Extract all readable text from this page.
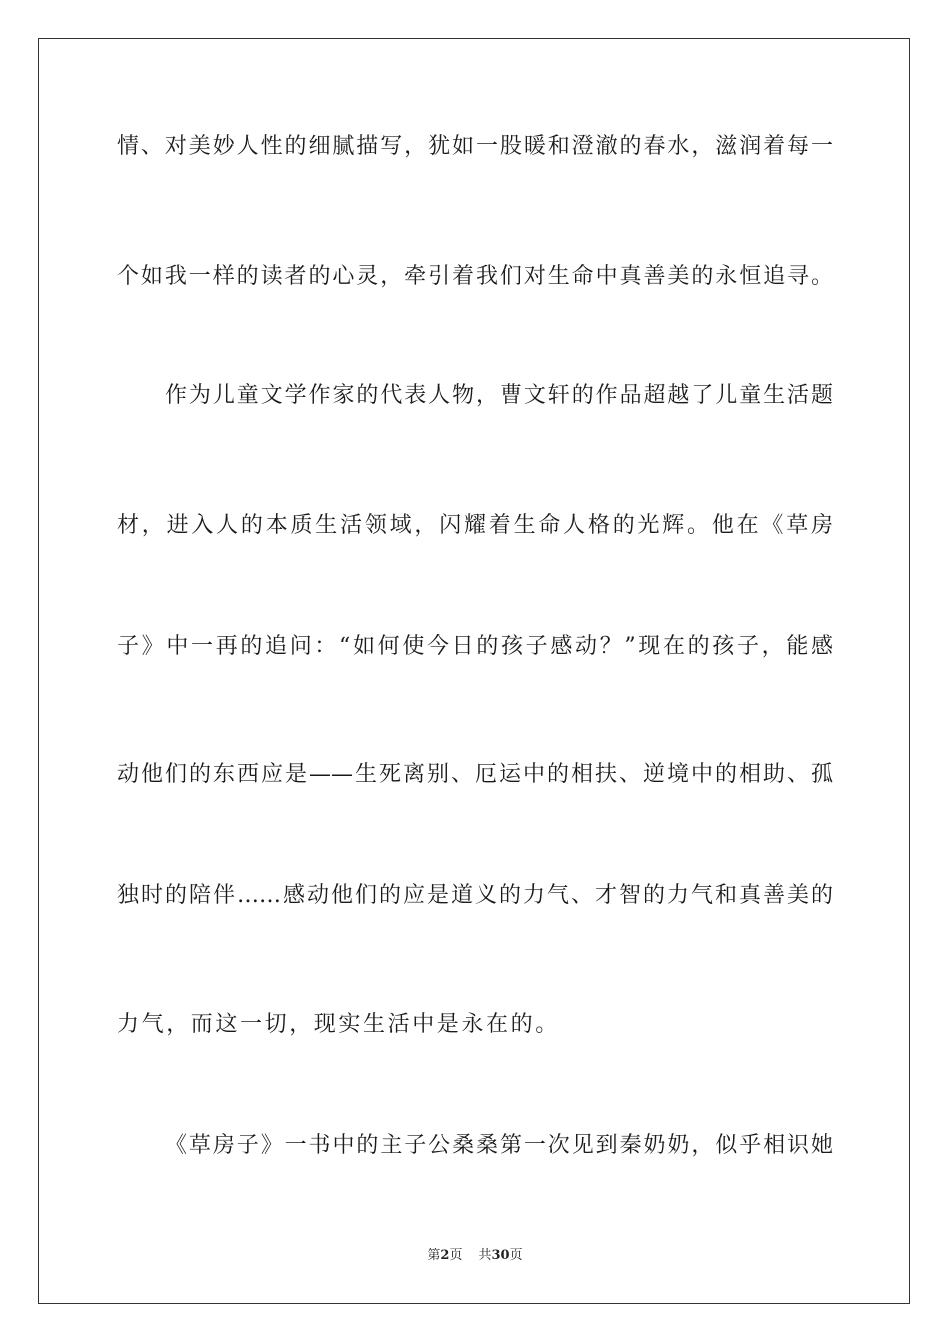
情、对美妙人性的细腻描写，犹如一股暖和澄澈的春水，滋润着每一
个如我一样的读者的心灵，牵引着我们对生命中真善美的永恒追寻。
作为儿童文学作家的代表人物，曹文轩的作品超越了儿童生活题
材，进入人的本质生活领域，闪耀着生命人格的光辉。他在《草房
子》中一再的追问：“如何使今日的孩子感动？”现在的孩子，能感
动他们的东西应是——生死离别、厄运中的相扶、逆境中的相助、孤
独时的陪伴……感动他们的应是道义的力气、才智的力气和真善美的
力气，而这一切，现实生活中是永在的。
《草房子》一书中的主子公桑桑第一次见到秦奶奶，似乎相识她
第2页 共30页
